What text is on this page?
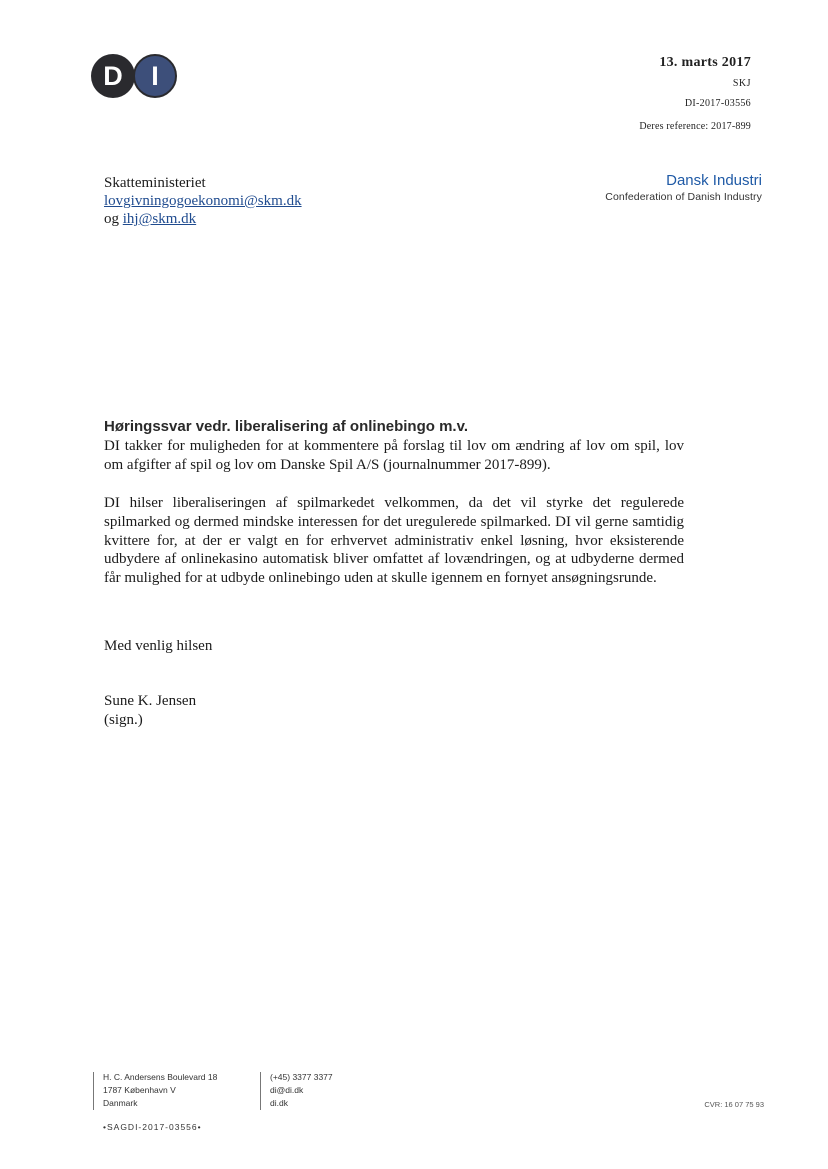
D	I	13. marts 2017
SKJ
DI-2017-03556
Deres reference: 2017-899
Skatteministeriet
lovgivningogoekonomi@skm.dk
og ihj@skm.dk
Dansk Industri
Confederation of Danish Industry
Høringssvar vedr. liberalisering af onlinebingo m.v.
DI takker for muligheden for at kommentere på forslag til lov om ændring af lov om spil, lov om afgifter af spil og lov om Danske Spil A/S (journalnummer 2017-899).
DI hilser liberaliseringen af spilmarkedet velkommen, da det vil styrke det regulerede spilmarked og dermed mindske interessen for det uregulerede spilmarked. DI vil gerne samtidig kvittere for, at der er valgt en for erhvervet administrativ enkel løsning, hvor eksisterende udbydere af onlinekasino automatisk bliver omfattet af lovændringen, og at udbyderne dermed får mulighed for at udbyde onlinebingo uden at skulle igennem en fornyet ansøgningsrunde.
Med venlig hilsen
Sune K. Jensen
(sign.)
H. C. Andersens Boulevard 18
1787 København V
Danmark
(+45) 3377 3377
di@di.dk
di.dk	CVR: 16 07 75 93
•SAGDI-2017-03556•
